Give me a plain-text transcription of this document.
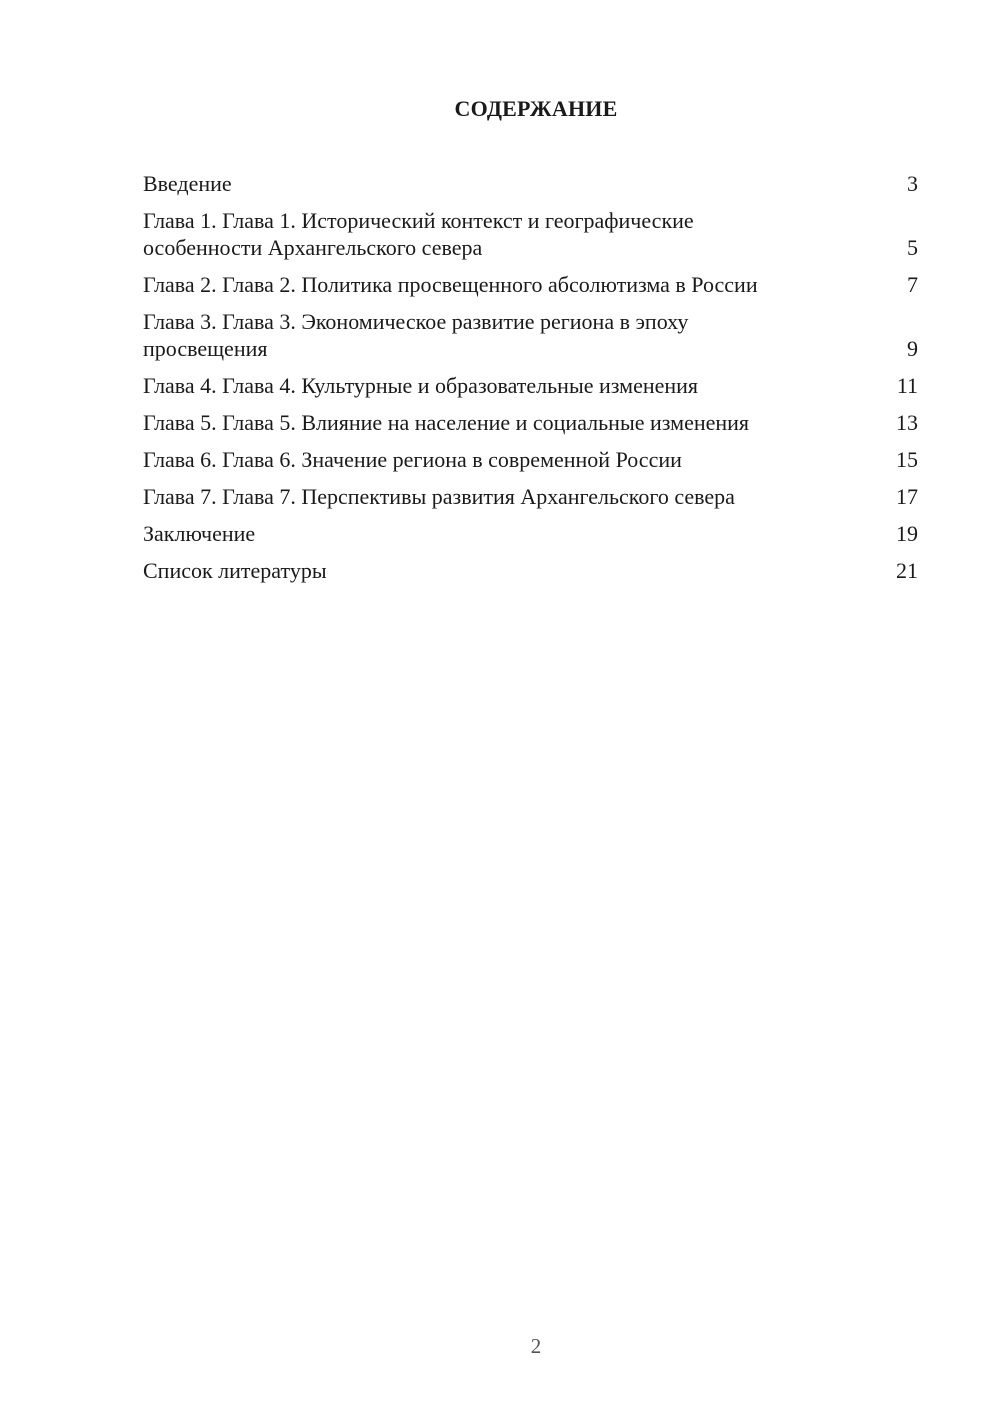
СОДЕРЖАНИЕ
Введение	3
Глава 1. Глава 1. Исторический контекст и географические особенности Архангельского севера	5
Глава 2. Глава 2. Политика просвещенного абсолютизма в России	7
Глава 3. Глава 3. Экономическое развитие региона в эпоху просвещения	9
Глава 4. Глава 4. Культурные и образовательные изменения	11
Глава 5. Глава 5. Влияние на население и социальные изменения	13
Глава 6. Глава 6. Значение региона в современной России	15
Глава 7. Глава 7. Перспективы развития Архангельского севера	17
Заключение	19
Список литературы	21
2
